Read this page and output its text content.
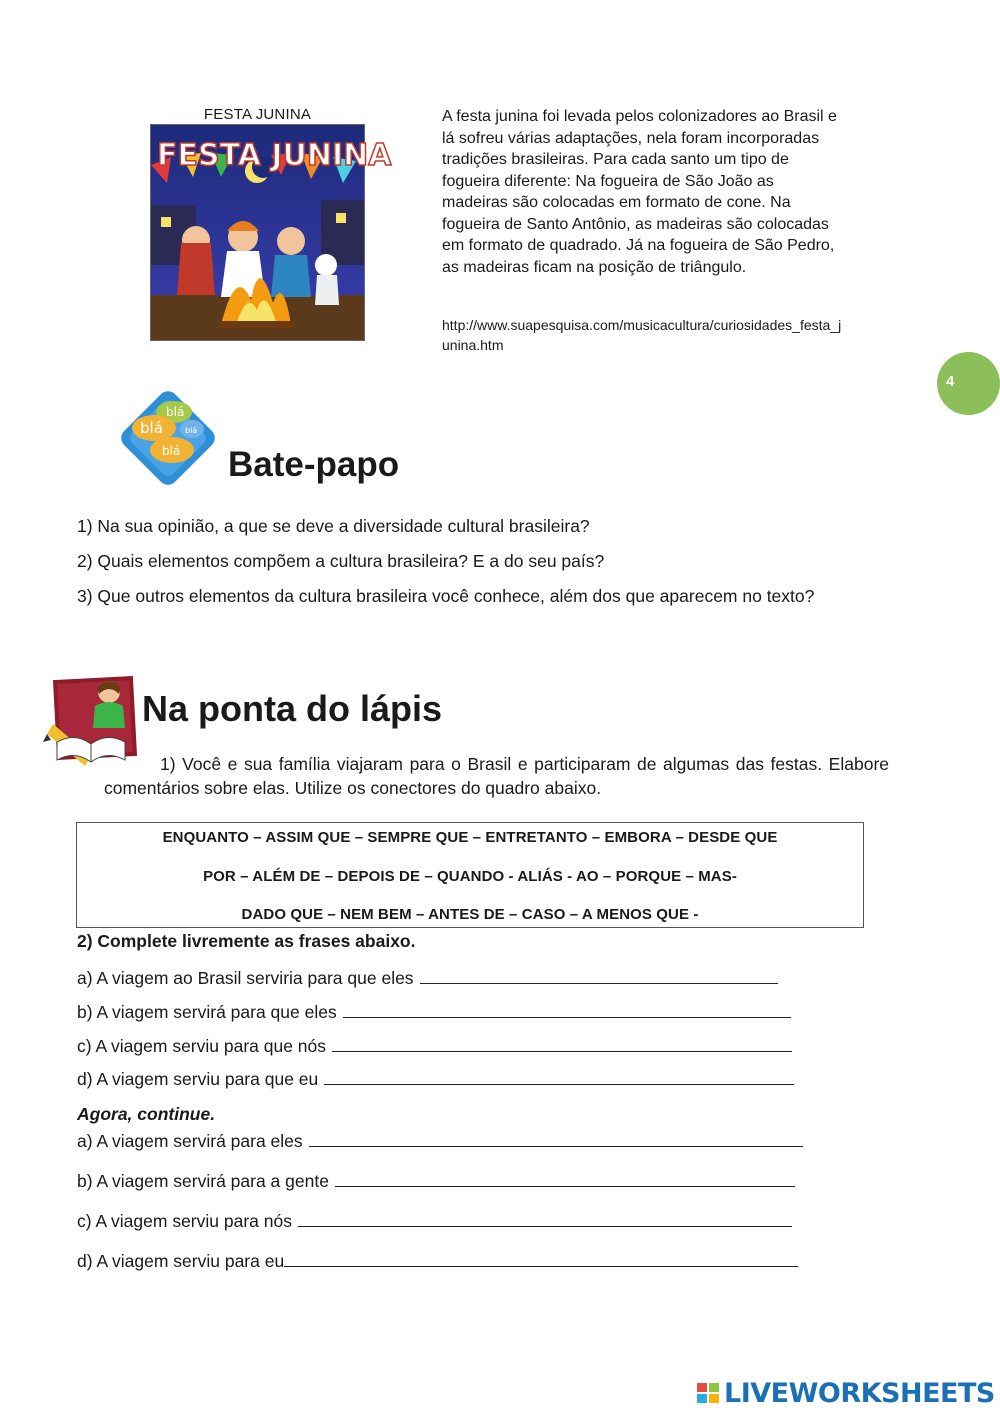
FESTA JUNINA
FESTA JUNINA
A festa junina foi levada pelos colonizadores ao Brasil e lá sofreu várias adaptações, nela foram incorporadas tradições brasileiras. Para cada santo um tipo de fogueira diferente: Na fogueira de São João as madeiras são colocadas em formato de cone. Na fogueira de Santo Antônio, as madeiras são colocadas em formato de quadrado. Já na fogueira de São Pedro, as madeiras ficam na posição de triângulo.
http://www.suapesquisa.com/musicacultura/curiosidades_festa_junina.htm
4
blá
blá	blá
blá Bate-papo
1) Na sua opinião, a que se deve a diversidade cultural brasileira?
2) Quais elementos compõem a cultura brasileira? E a do seu país?
3) Que outros elementos da cultura brasileira você conhece, além dos que aparecem no texto?
Na ponta do lápis
1) Você e sua família viajaram para o Brasil e participaram de algumas das festas. Elabore comentários sobre elas. Utilize os conectores do quadro abaixo.
ENQUANTO – ASSIM QUE – SEMPRE QUE – ENTRETANTO – EMBORA – DESDE QUE
POR – ALÉM DE – DEPOIS DE – QUANDO - ALIÁS - AO – PORQUE – MAS-
DADO QUE – NEM BEM – ANTES DE – CASO – A MENOS QUE -
2) Complete livremente as frases abaixo.
a) A viagem ao Brasil serviria para que eles
b) A viagem servirá para que eles
c) A viagem serviu para que nós
d) A viagem serviu para que eu
Agora, continue.
a) A viagem servirá para eles
b) A viagem servirá para a gente
c) A viagem serviu para nós
d) A viagem serviu para eu
LIVEWORKSHEETS
